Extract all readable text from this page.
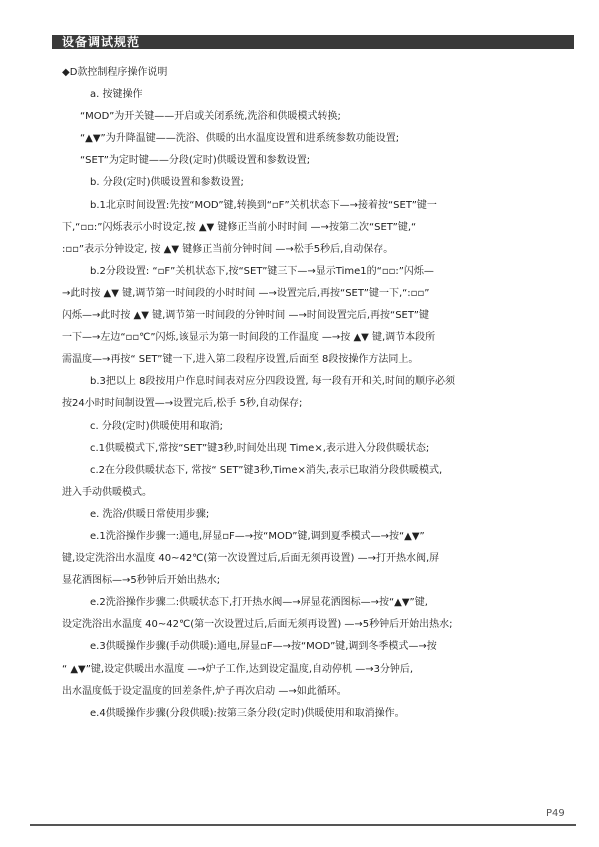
设备调试规范

◆D款控制程序操作说明

a. 按键操作

“MOD”为开关键——开启或关闭系统,洗浴和供暖模式转换;

“▲▼”为升降温键——洗浴、供暖的出水温度设置和进系统参数功能设置;

“SET”为定时键——分段(定时)供暖设置和参数设置;

b. 分段(定时)供暖设置和参数设置;

b.1北京时间设置:先按“MOD”键,转换到“▫F”关机状态下—→接着按“SET”键一

下,“▫▫:”闪烁表示小时设定,按 ▲▼ 键修正当前小时时间 —→按第二次“SET”键,“

:▫▫”表示分钟设定, 按 ▲▼ 键修正当前分钟时间 —→松手5秒后,自动保存。

b.2分段设置: “▫F”关机状态下,按“SET”键三下—→显示Time1的“▫▫:”闪烁—

→此时按 ▲▼ 键,调节第一时间段的小时时间 —→设置完后,再按“SET”键一下,“:▫▫”

闪烁—→此时按 ▲▼ 键,调节第一时间段的分钟时间 —→时间设置完后,再按“SET”键

一下—→左边“▫▫℃”闪烁,该显示为第一时间段的工作温度 —→按 ▲▼ 键,调节本段所

需温度—→再按“ SET”键一下,进入第二段程序设置,后面至 8段按操作方法同上。

b.3把以上 8段按用户作息时间表对应分四段设置, 每一段有开和关,时间的顺序必须

按24小时时间制设置—→设置完后,松手 5秒,自动保存;

c. 分段(定时)供暖使用和取消;

c.1供暖模式下,常按“SET”键3秒,时间处出现 Time×,表示进入分段供暖状态;

c.2在分段供暖状态下, 常按“ SET”键3秒,Time×消失,表示已取消分段供暖模式,

进入手动供暖模式。

e. 洗浴/供暖日常使用步骤;

e.1洗浴操作步骤一:通电,屏显▫F—→按“MOD”键,调到夏季模式—→按“▲▼”

键,设定洗浴出水温度 40~42℃(第一次设置过后,后面无须再设置) —→打开热水阀,屏

显花洒图标—→5秒钟后开始出热水;

e.2洗浴操作步骤二:供暖状态下,打开热水阀—→屏显花洒图标—→按“▲▼”键,

设定洗浴出水温度 40~42℃(第一次设置过后,后面无须再设置) —→5秒钟后开始出热水;

e.3供暖操作步骤(手动供暖):通电,屏显▫F—→按“MOD”键,调到冬季模式—→按

“ ▲▼”键,设定供暖出水温度 —→炉子工作,达到设定温度,自动停机 —→3分钟后,

出水温度低于设定温度的回差条件,炉子再次启动 —→如此循环。

e.4供暖操作步骤(分段供暖):按第三条分段(定时)供暖使用和取消操作。

P49
